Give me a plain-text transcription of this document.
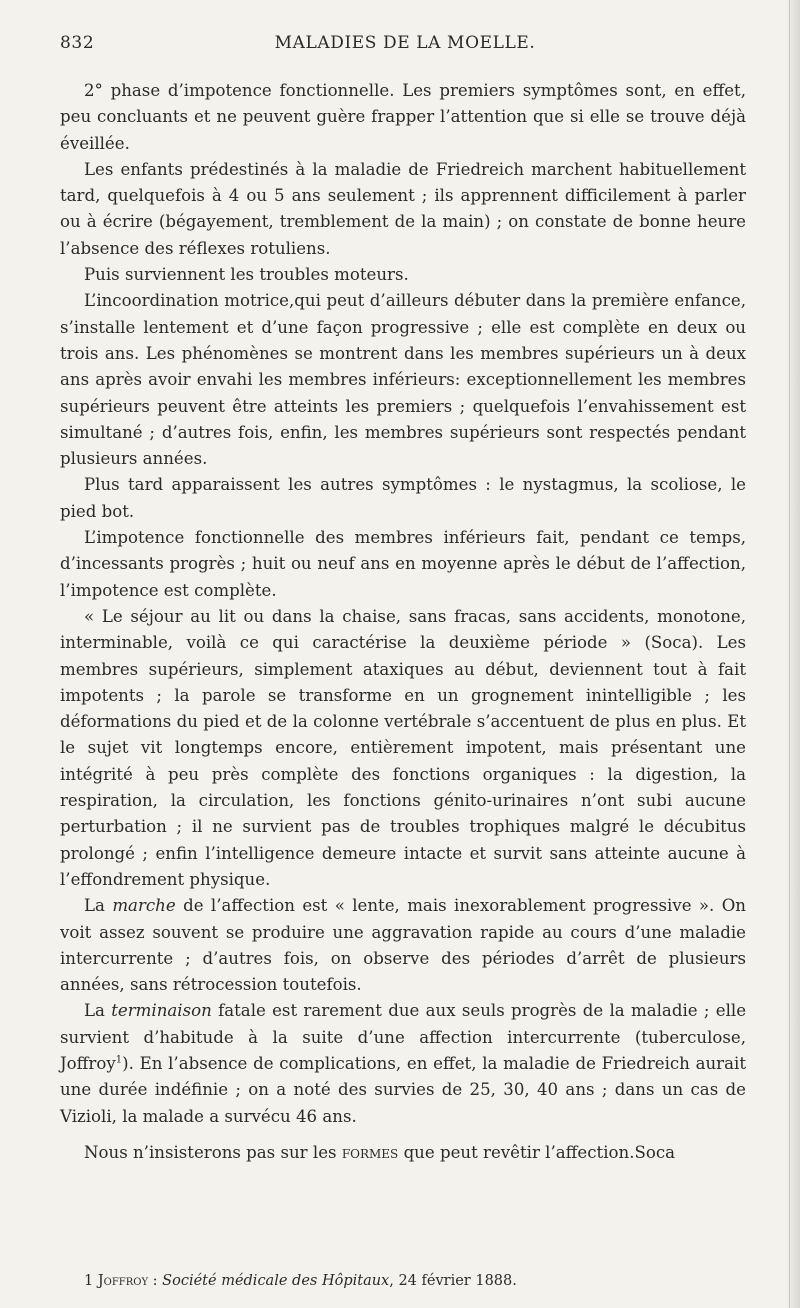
832	MALADIES DE LA MOELLE.

2° phase d’impotence fonctionnelle. Les premiers symptômes sont, en effet, peu concluants et ne peuvent guère frapper l’attention que si elle se trouve déjà éveillée.

Les enfants prédestinés à la maladie de Friedreich marchent habituellement tard, quelquefois à 4 ou 5 ans seulement ; ils apprennent difficilement à parler ou à écrire (bégayement, tremblement de la main) ; on constate de bonne heure l’absence des réflexes rotuliens.

Puis surviennent les troubles moteurs.

L’incoordination motrice,qui peut d’ailleurs débuter dans la première enfance, s’installe lentement et d’une façon progressive ; elle est complète en deux ou trois ans. Les phénomènes se montrent dans les membres supérieurs un à deux ans après avoir envahi les membres inférieurs: exceptionnellement les membres supérieurs peuvent être atteints les premiers ; quelquefois l’envahissement est simultané ; d’autres fois, enfin, les membres supérieurs sont respectés pendant plusieurs années.

Plus tard apparaissent les autres symptômes : le nystagmus, la scoliose, le pied bot.

L’impotence fonctionnelle des membres inférieurs fait, pendant ce temps, d’incessants progrès ; huit ou neuf ans en moyenne après le début de l’affection, l’impotence est complète.

« Le séjour au lit ou dans la chaise, sans fracas, sans accidents, monotone, interminable, voilà ce qui caractérise la deuxième période » (Soca). Les membres supérieurs, simplement ataxiques au début, deviennent tout à fait impotents ; la parole se transforme en un grognement inintelligible ; les déformations du pied et de la colonne vertébrale s’accentuent de plus en plus. Et le sujet vit longtemps encore, entièrement impotent, mais présentant une intégrité à peu près complète des fonctions organiques : la digestion, la respiration, la circulation, les fonctions génito-urinaires n’ont subi aucune perturbation ; il ne survient pas de troubles trophiques malgré le décubitus prolongé ; enfin l’intelligence demeure intacte et survit sans atteinte aucune à l’effondrement physique.

La marche de l’affection est « lente, mais inexorablement progressive ». On voit assez souvent se produire une aggravation rapide au cours d’une maladie intercurrente ; d’autres fois, on observe des périodes d’arrêt de plusieurs années, sans rétrocession toutefois.

La terminaison fatale est rarement due aux seuls progrès de la maladie ; elle survient d’habitude à la suite d’une affection intercurrente (tuberculose, Joffroy$^1$). En l’absence de complications, en effet, la maladie de Friedreich aurait une durée indéfinie ; on a noté des survies de 25, 30, 40 ans ; dans un cas de Vizioli, la malade a survécu 46 ans.

Nous n’insisterons pas sur les formes que peut revêtir l’affection.Soca

1 Joffroy : Société médicale des Hôpitaux, 24 février 1888.
